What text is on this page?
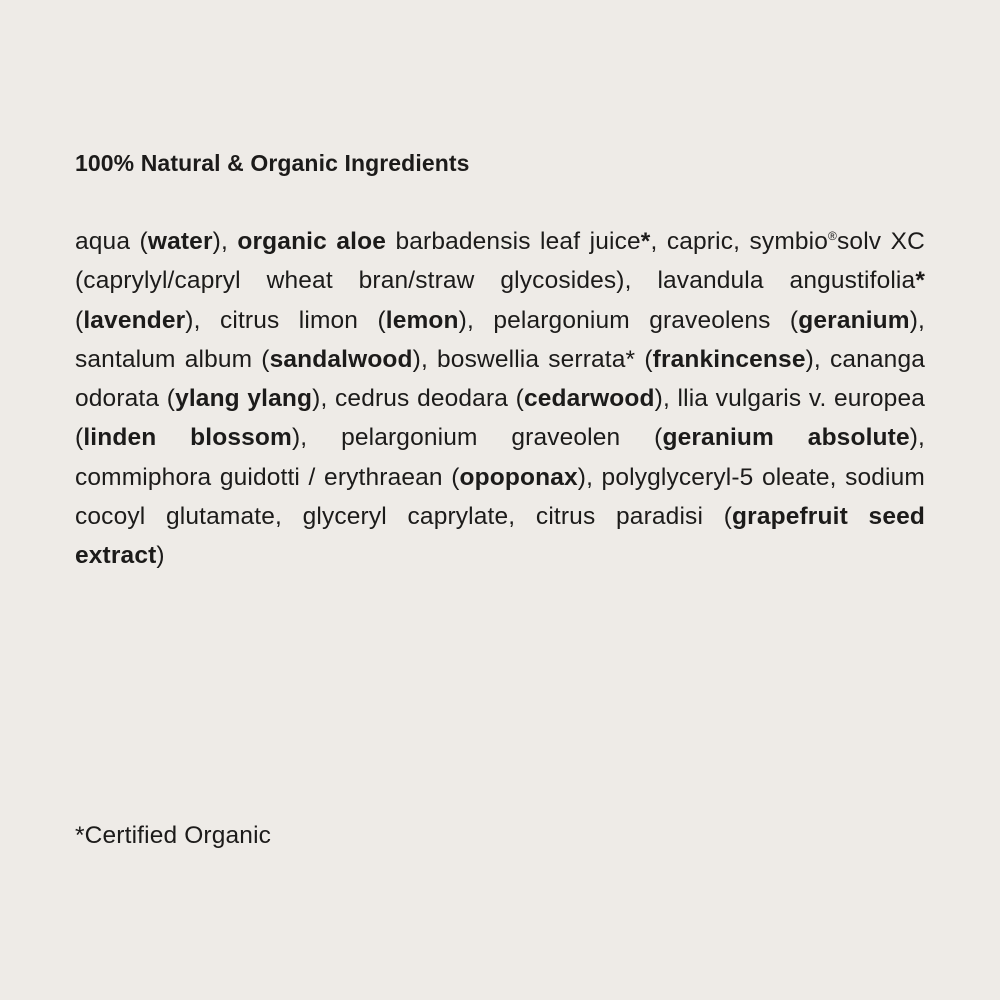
100% Natural & Organic Ingredients

aqua (water), organic aloe barbadensis leaf juice*, capric, symbio®solv XC (caprylyl/capryl wheat bran/straw glycosides), lavandula angustifolia* (lavender), citrus limon (lemon), pelargonium graveolens (geranium), santalum album (sandalwood), boswellia serrata* (frankincense), cananga odorata (ylang ylang), cedrus deodara (cedarwood), llia vulgaris v. europea (linden blossom), pelargonium graveolen (geranium absolute), commiphora guidotti / erythraean (opoponax), polyglyceryl-5 oleate, sodium cocoyl glutamate, glyceryl caprylate, citrus paradisi (grapefruit seed extract)

*Certified Organic
